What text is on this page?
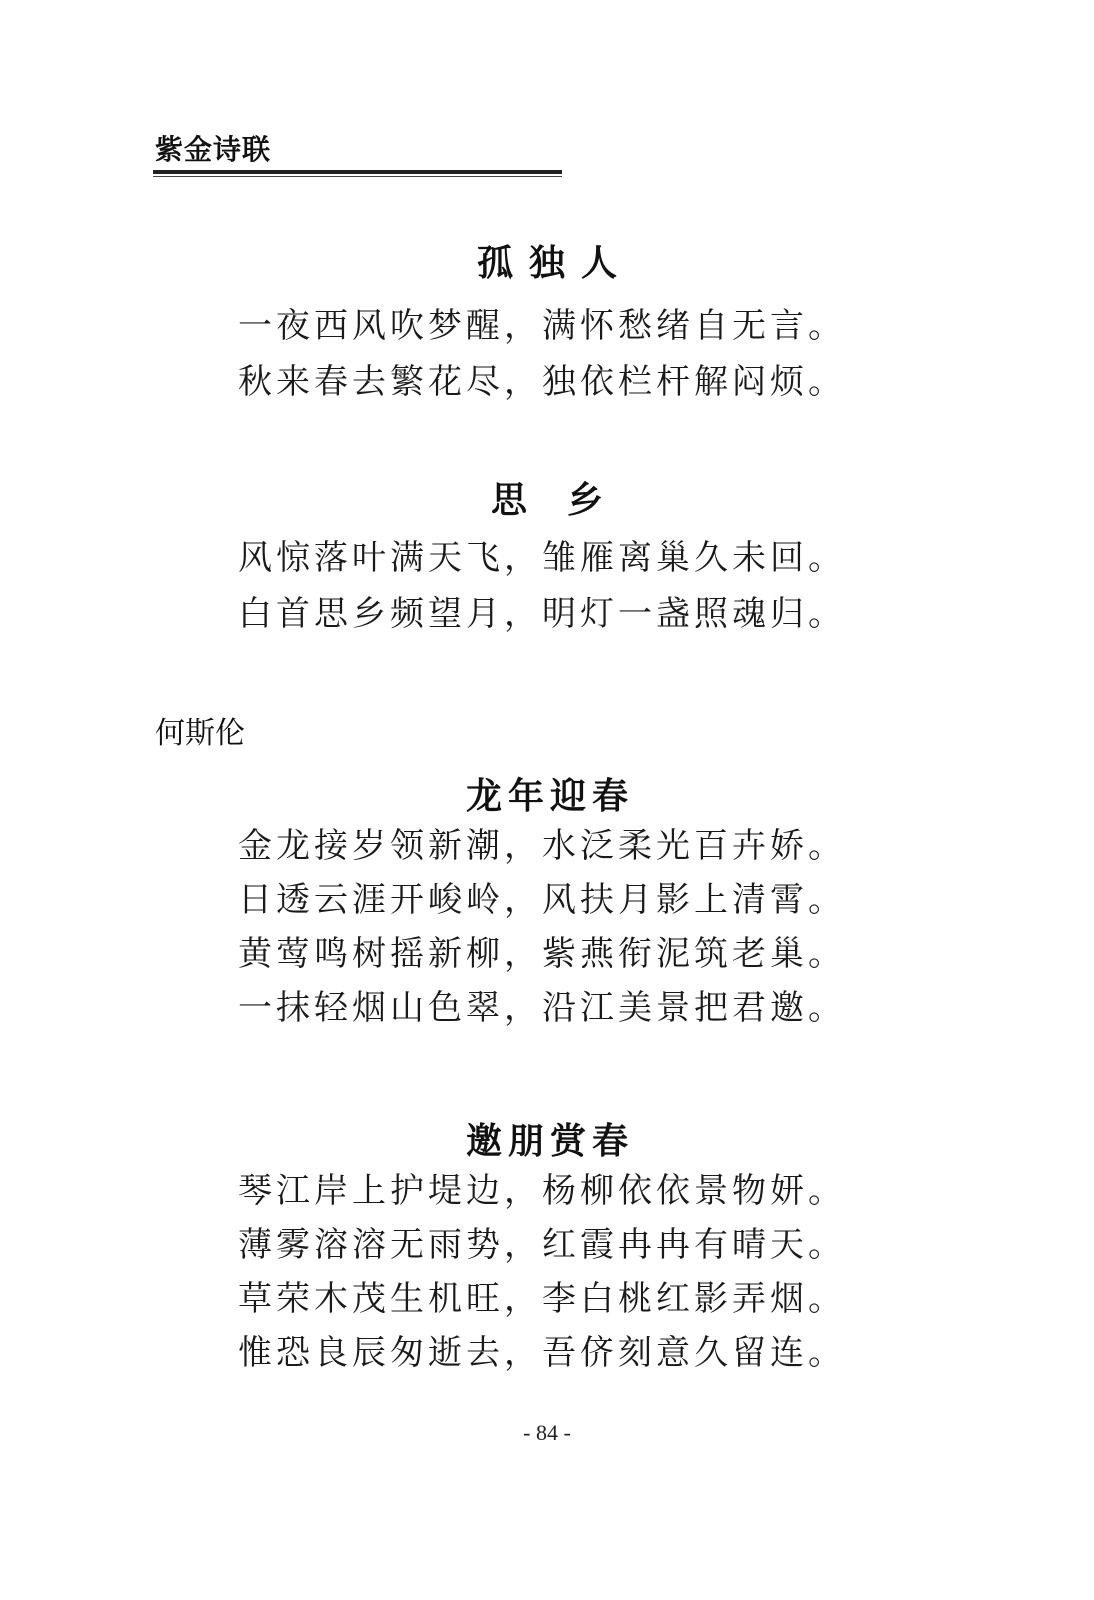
紫金诗联
孤独人
一夜西风吹梦醒，满怀愁绪自无言。
秋来春去繁花尽，独依栏杆解闷烦。
思乡
风惊落叶满天飞，雏雁离巢久未回。
白首思乡频望月，明灯一盏照魂归。
何斯伦
龙年迎春
金龙接岁领新潮，水泛柔光百卉娇。
日透云涯开峻岭，风扶月影上清霄。
黄莺鸣树摇新柳，紫燕衔泥筑老巢。
一抹轻烟山色翠，沿江美景把君邀。
邀朋赏春
琴江岸上护堤边，杨柳依依景物妍。
薄雾溶溶无雨势，红霞冉冉有晴天。
草荣木茂生机旺，李白桃红影弄烟。
惟恐良辰匆逝去，吾侪刻意久留连。
- 84 -
